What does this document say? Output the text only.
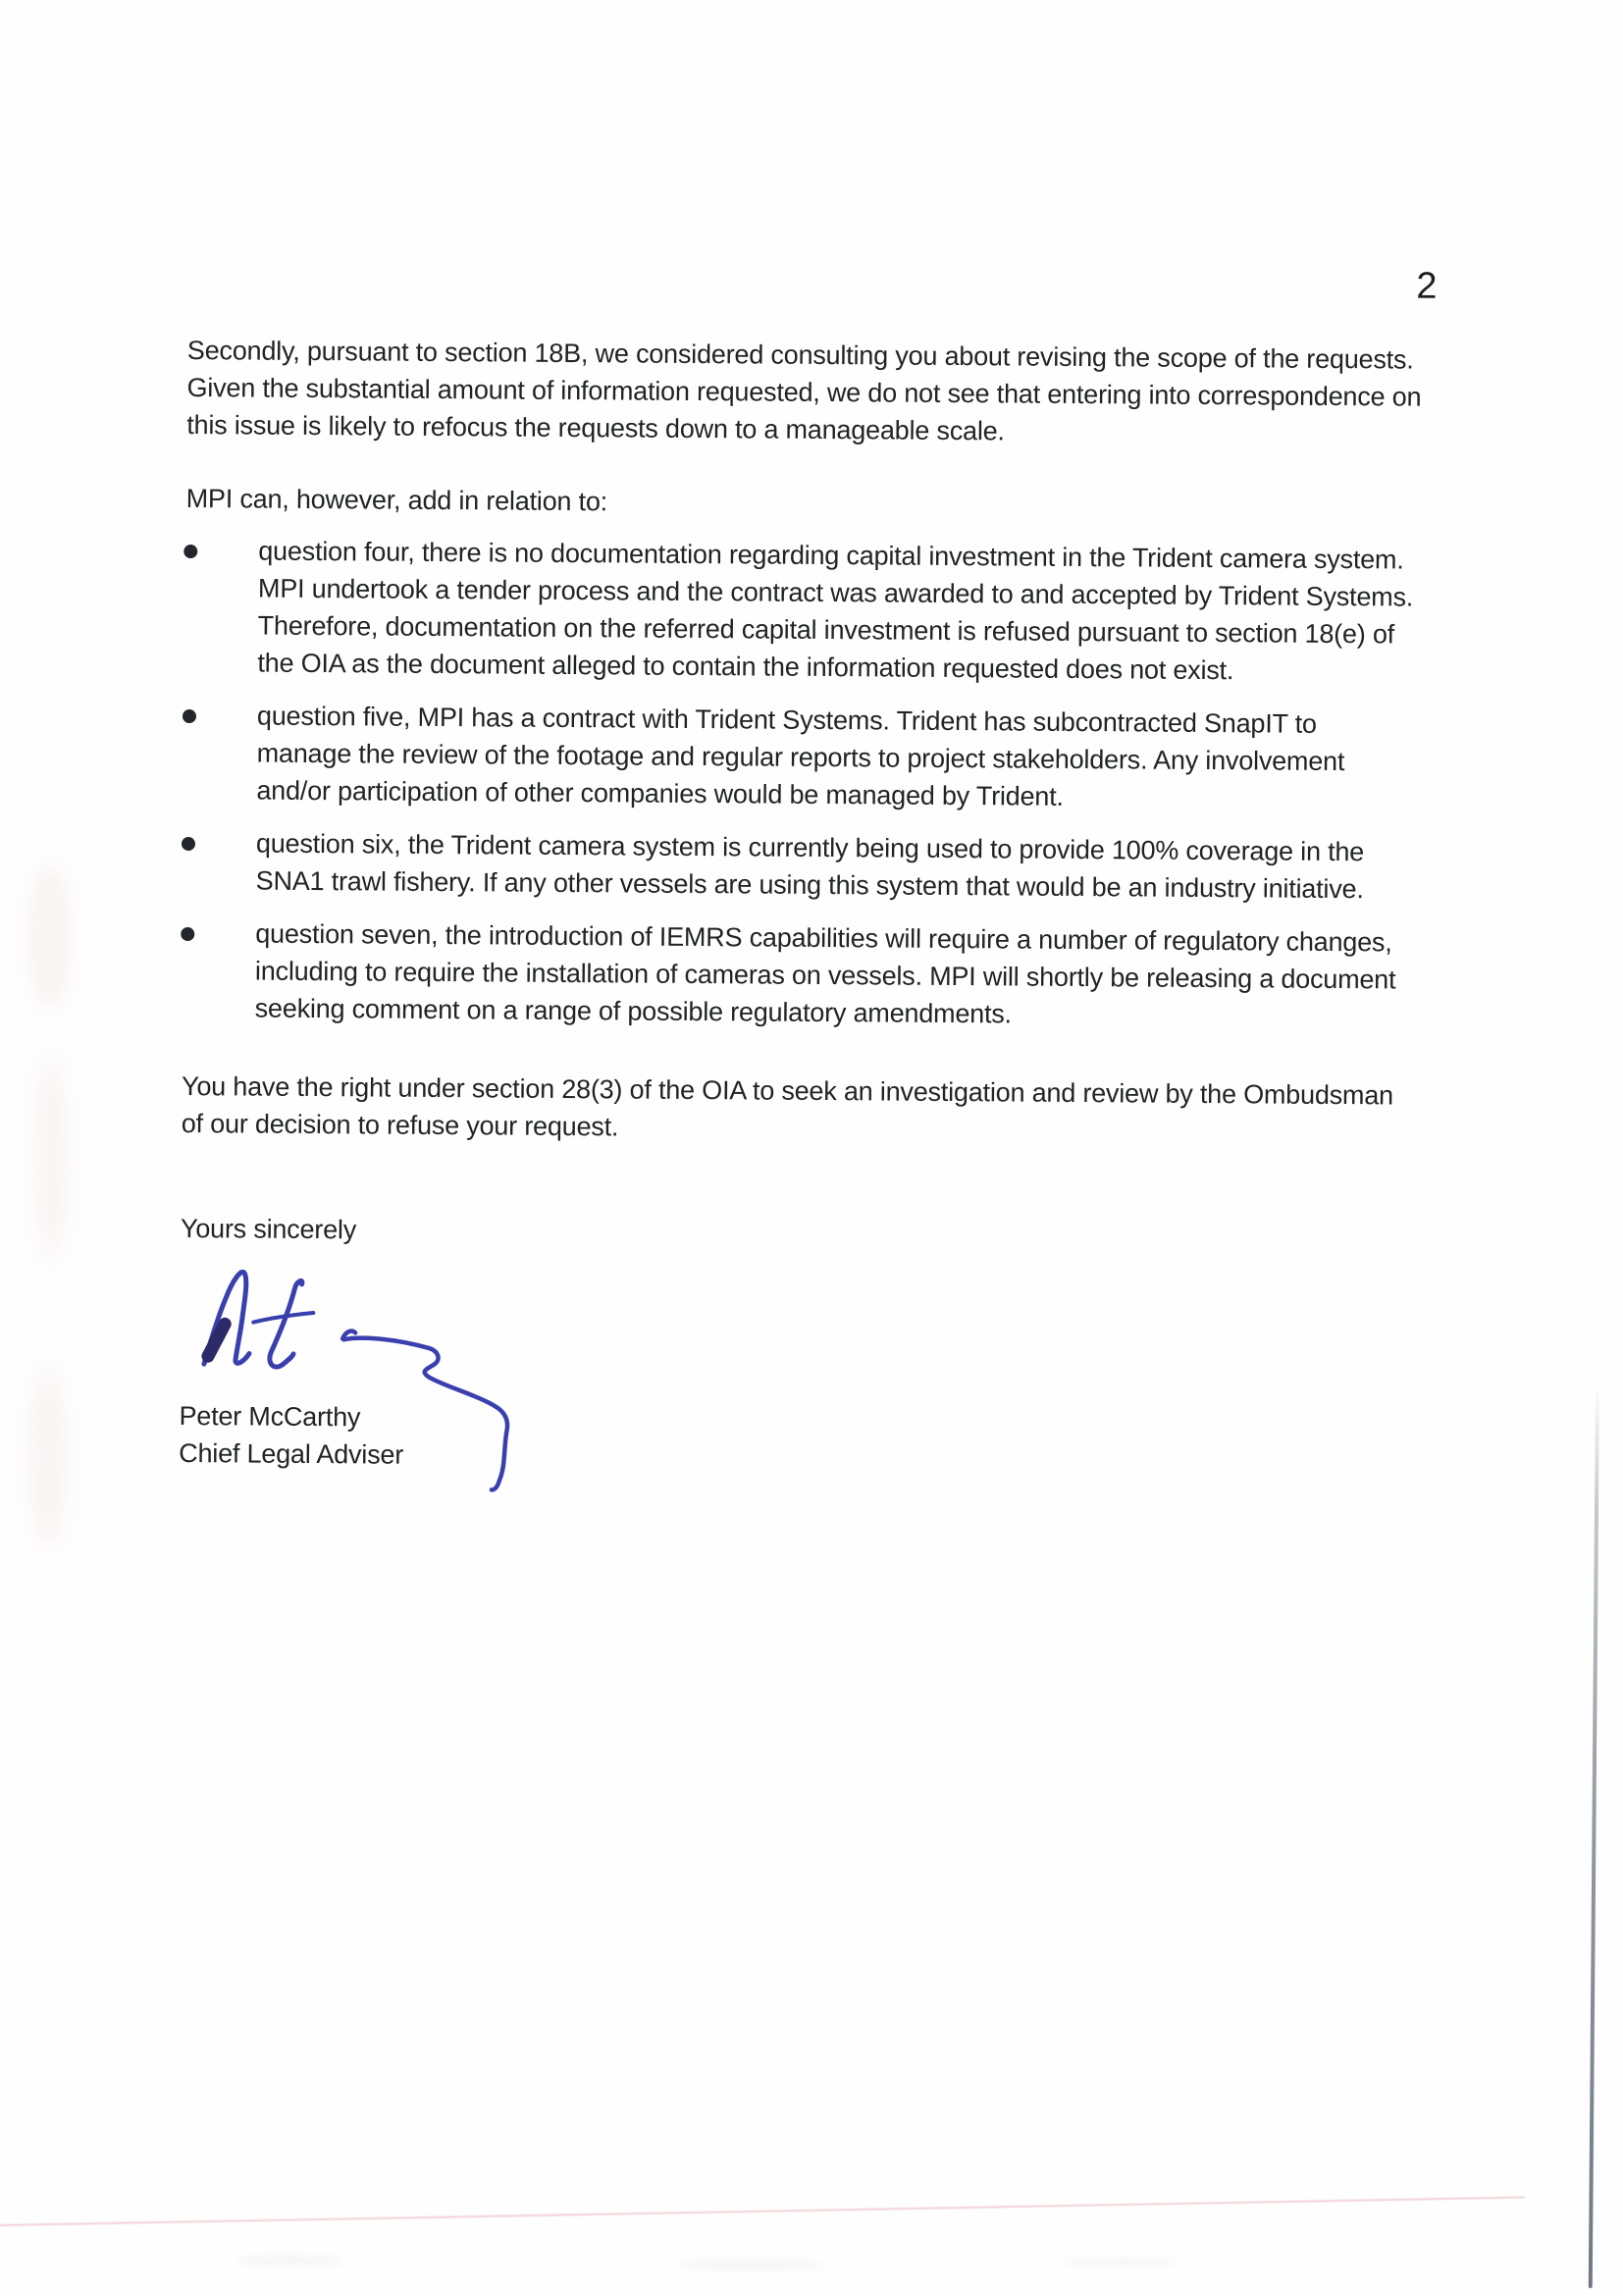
2

Secondly, pursuant to section 18B, we considered consulting you about revising the scope of the requests.
Given the substantial amount of information requested, we do not see that entering into correspondence on
this issue is likely to refocus the requests down to a manageable scale.

MPI can, however, add in relation to:

question four, there is no documentation regarding capital investment in the Trident camera system.
MPI undertook a tender process and the contract was awarded to and accepted by Trident Systems.
Therefore, documentation on the referred capital investment is refused pursuant to section 18(e) of
the OIA as the document alleged to contain the information requested does not exist.

question five, MPI has a contract with Trident Systems. Trident has subcontracted SnapIT to
manage the review of the footage and regular reports to project stakeholders. Any involvement
and/or participation of other companies would be managed by Trident.

question six, the Trident camera system is currently being used to provide 100% coverage in the
SNA1 trawl fishery. If any other vessels are using this system that would be an industry initiative.

question seven, the introduction of IEMRS capabilities will require a number of regulatory changes,
including to require the installation of cameras on vessels. MPI will shortly be releasing a document
seeking comment on a range of possible regulatory amendments.

You have the right under section 28(3) of the OIA to seek an investigation and review by the Ombudsman
of our decision to refuse your request.

Yours sincerely

Peter McCarthy

Chief Legal Adviser
